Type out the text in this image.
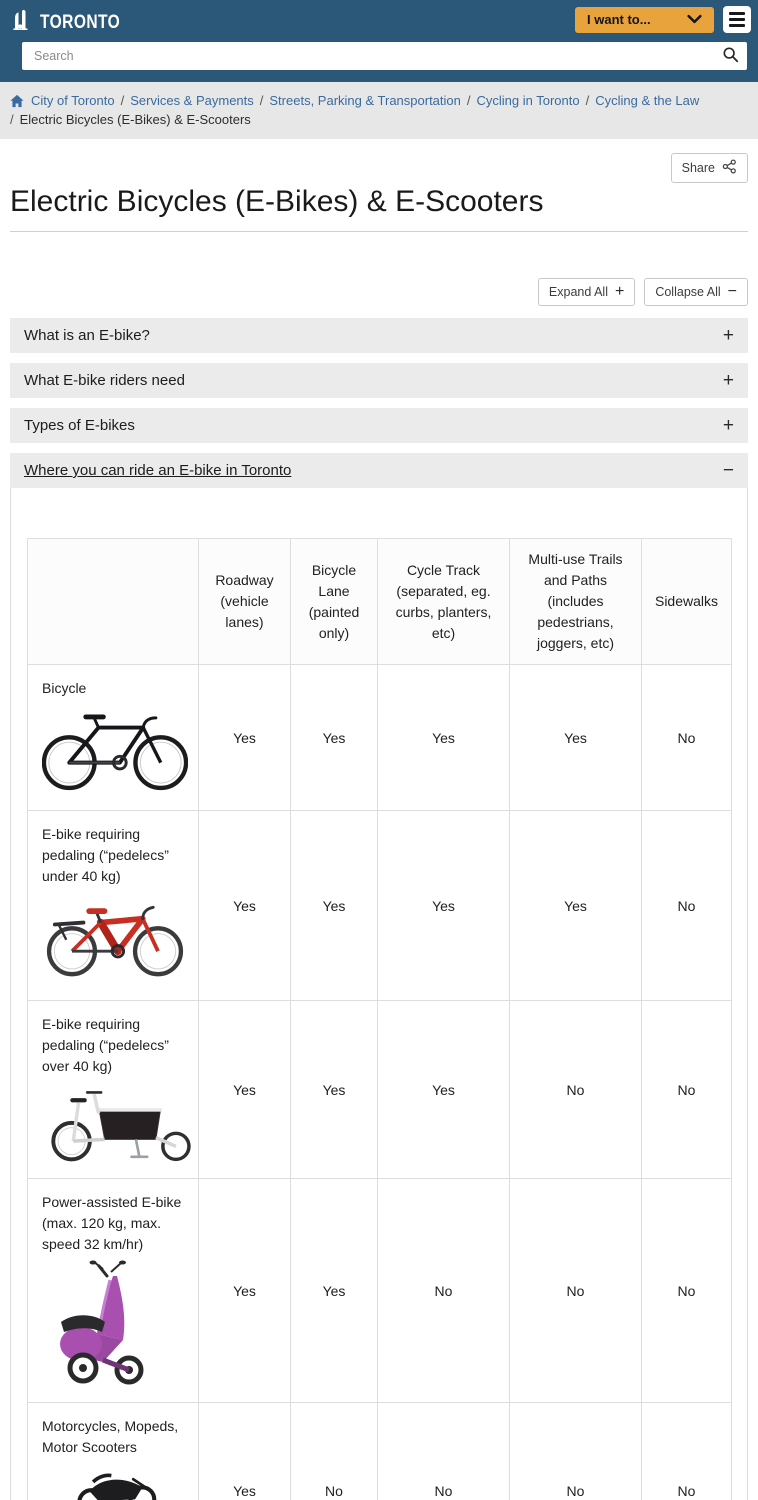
TORONTO	I want to...
Search
City of Toronto / Services & Payments / Streets, Parking & Transportation / Cycling in Toronto / Cycling & the Law
/ Electric Bicycles (E-Bikes) & E-Scooters
Share
Electric Bicycles (E-Bikes) & E-Scooters
Expand All + Collapse All −
What is an E-bike?	+
What E-bike riders need	+
Types of E-bikes	+
Where you can ride an E-bike in Toronto	−
	Roadway (vehicle lanes)	Bicycle Lane (painted only)	Cycle Track (separated, eg. curbs, planters, etc)	Multi-use Trails and Paths (includes pedestrians, joggers, etc)	Sidewalks

Bicycle	Yes	Yes	Yes	Yes	No

E-bike requiring pedaling (“pedelecs” under 40 kg)	Yes	Yes	Yes	Yes	No

E-bike requiring pedaling (“pedelecs” over 40 kg)	Yes	Yes	Yes	No	No

Power-assisted E-bike (max. 120 kg, max. speed 32 km/hr)	Yes	Yes	No	No	No

Motorcycles, Mopeds, Motor Scooters	Yes	No	No	No	No
